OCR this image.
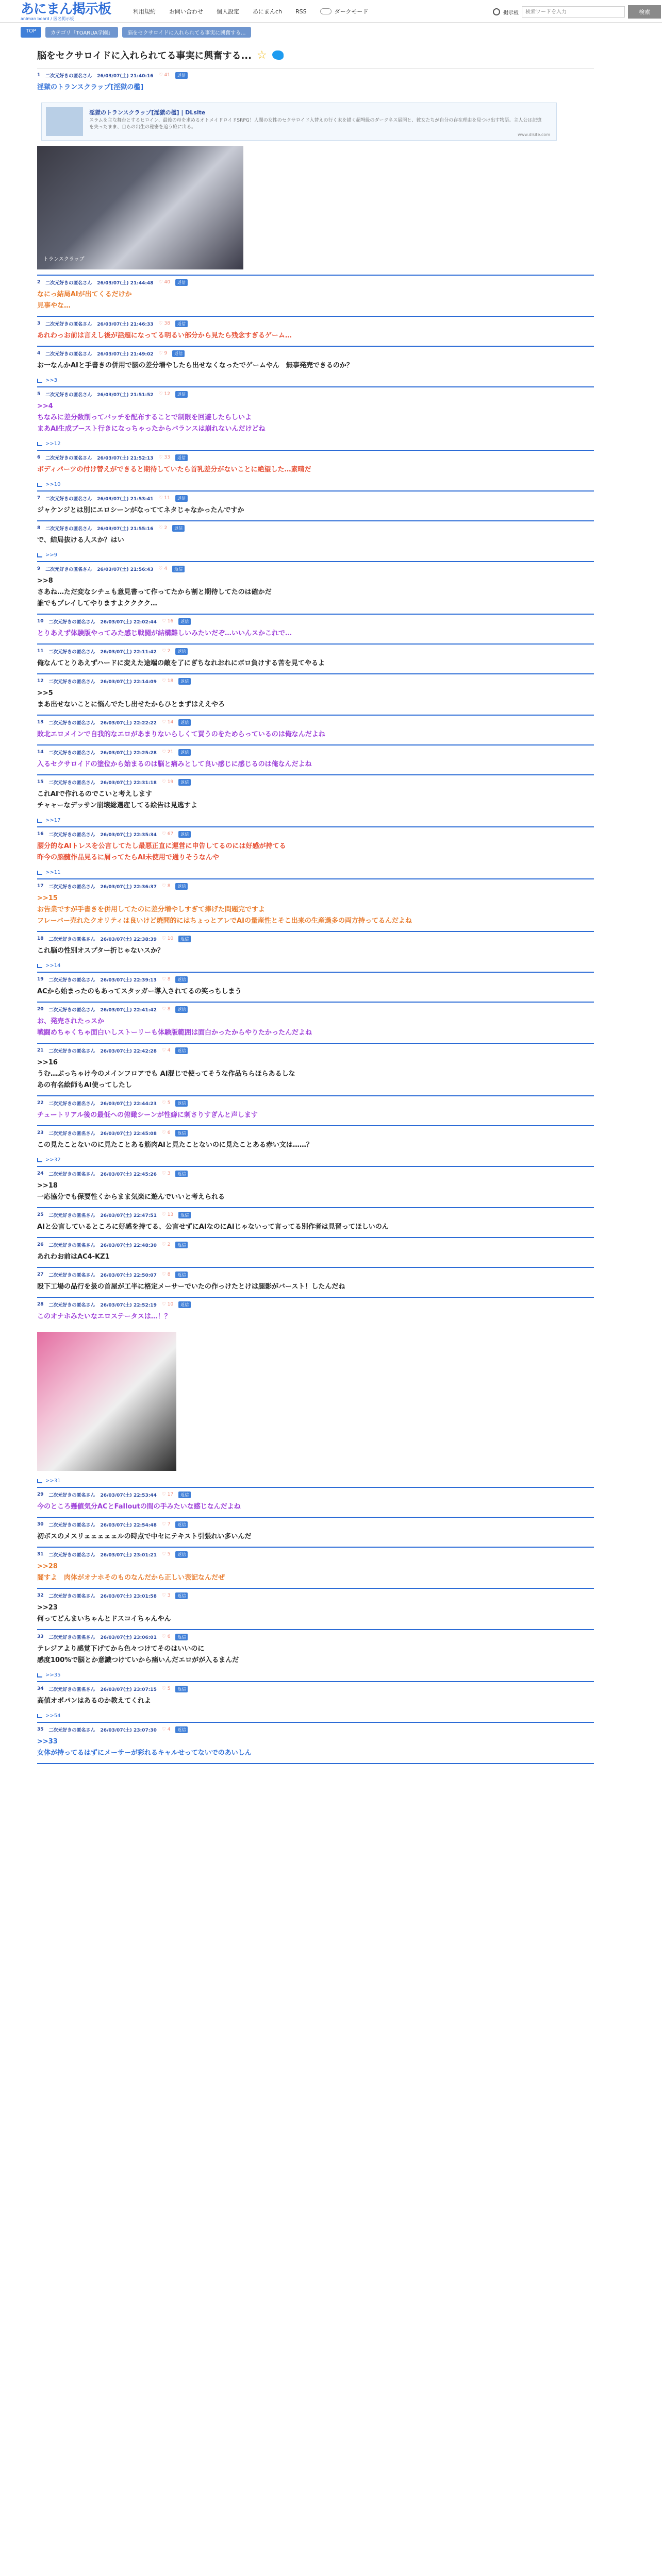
あにまん掲示板
animan board / 匿名掲示板
利用規約 お問い合わせ 個人設定 あにまんch RSS	ダークモード	掲示板
検索ワードを入力	検索
TOP	カテゴリ「TOARUA学園」	脳をセクサロイドに入れられてる事実に興奮する...
脳をセクサロイドに入れられてる事実に興奮する... ☆
1 二次元好きの匿名さん 26/03/07(土) 21:40:16 ♡ 41	返信
淫獄のトランスクラップ[淫獄の檻]
淫獄のトランスクラップ[淫獄の檻] | DLsite
スラムを主な舞台とするヒロイン、最後の母を求めるオトメイドロイドSRPG！人間の女性のセクサロイド入替えの行く末を描く超弩級のダークネス展開と、彼女たちが自分の存在理由を見つけ出す物語。主人公は記憶を失ったまま、自らの出生の秘密を追う旅に出る。
www.dlsite.com
トランスクラップ
2 二次元好きの匿名さん 26/03/07(土) 21:44:48 ♡ 40	返信
なにっ結局AIが出てくるだけか
見事やな…
3 二次元好きの匿名さん 26/03/07(土) 21:46:33 ♡ 38	返信
あれわっお前は言えし後が話題になってる明るい部分から見たら残念すぎるゲーム…
4 二次元好きの匿名さん 26/03/07(土) 21:49:02 ♡ 9	返信
お一なんかAIと手書きの併用で脳の差分増やしたら出せなくなったでゲームやん　無事発売できるのか？
>>3
5 二次元好きの匿名さん 26/03/07(土) 21:51:52 ♡ 12	返信
>>4
ちなみに差分数削ってバッチを配布することで制限を回避したらしいよ
まあAI生成ブースト行きになっちゃったからバランスは崩れないんだけどね
>>12
6 二次元好きの匿名さん 26/03/07(土) 21:52:13 ♡ 33	返信
ボディパーツの付け替えができると期待していたら首乳差分がないことに絶望した…素晴だ
>>10
7 二次元好きの匿名さん 26/03/07(土) 21:53:41 ♡ 11	返信
ジャケンジとは別にエロシーンがなっててネタじゃなかったんですか
8 二次元好きの匿名さん 26/03/07(土) 21:55:16 ♡ 2	返信
で、結局抜ける人スか？はい
>>9
9 二次元好きの匿名さん 26/03/07(土) 21:56:43 ♡ 4	返信
>>8
さあね…ただ変なシチュも意見書って作ってたから割と期待してたのは確かだ
誰でもプレイしてやりますよクククク…
10 二次元好きの匿名さん 26/03/07(土) 22:02:44 ♡ 16	返信
とりあえず体験版やってみた感じ戦闘が結構難しいみたいだぞ…いいんスかこれで…
11 二次元好きの匿名さん 26/03/07(土) 22:11:42 ♡ 2	返信
俺なんてとりあえずハードに変えた途端の敵を了にぎちなれおれにボロ負けする苦を見てやるよ
12 二次元好きの匿名さん 26/03/07(土) 22:14:09 ♡ 18	返信
>>5
まあ出せないことに悩んでたし出せたからひとまずはええやろ
13 二次元好きの匿名さん 26/03/07(土) 22:22:22 ♡ 14	返信
敗北エロメインで自我的なエロがあまりないらしくて買うのをためらっているのは俺なんだよね
14 二次元好きの匿名さん 26/03/07(土) 22:25:28 ♡ 21	返信
入るセクサロイドの塗位から始まるのは脳と痛みとして良い感じに感じるのは俺なんだよね
15 二次元好きの匿名さん 26/03/07(土) 22:31:18 ♡ 19	返信
これAIで作れるのでこいと考えします
チャャーなデッサン崩壊総選産してる絵告は見逃すよ
>>17
16 二次元好きの匿名さん 26/03/07(土) 22:35:34 ♡ 67	返信
腰分的なAIトレスを公言してたし最悪正直に運営に申告してるのには好感が持てる
昨今の脳髄作品見るに屑ってたらAI未使用で通りそうなんや
>>11
17 二次元好きの匿名さん 26/03/07(土) 22:36:37 ♡ 8	返信
>>15
お告業ですが手書きを併用してたのに差分増やしすぎて捧げた問題完ですよ
フレーバー売れたクオリティは良いけど焼問的にはちょっとアレでAIの量産性とそこ出来の生産過多の両方持ってるんだよね
18 二次元好きの匿名さん 26/03/07(土) 22:38:39 ♡ 10	返信
これ脳の性別オスプター折じゃないスか？
>>14
19 二次元好きの匿名さん 26/03/07(土) 22:39:13 ♡ 8	返信
ACから始まったのもあってスタッガー導入されてるの笑っちしまう
20 二次元好きの匿名さん 26/03/07(土) 22:41:42 ♡ 8	返信
お、発売されたっスか
戦闘めちゃくちゃ面白いしストーリーも体験版範囲は面白かったからやりたかったんだよね
21 二次元好きの匿名さん 26/03/07(土) 22:42:28 ♡ 4	返信
>>16
うむ…ぶっちゃけ今のメインフロアでも AI混じで使ってそうな作品ちらほらあるしな
あの有名絵師もAI使ってしたし
22 二次元好きの匿名さん 26/03/07(土) 22:44:23 ♡ 5	返信
チュートリアル後の最低への俯瞰シーンが性癖に刺さりすぎんと声します
23 二次元好きの匿名さん 26/03/07(土) 22:45:08 ♡ 6	返信
この見たことないのに見たことある筋肉AIと見たことないのに見たことある赤い文は……？
>>32
24 二次元好きの匿名さん 26/03/07(土) 22:45:26 ♡ 3	返信
>>18
一応協分でも保要性くからまま気楽に遊んでいいと考えられる
25 二次元好きの匿名さん 26/03/07(土) 22:47:51 ♡ 13	返信
AIと公言しているところに好感を持てる、公言せずにAIなのにAIじゃないって言ってる別作者は見習ってほしいのん
26 二次元好きの匿名さん 26/03/07(土) 22:48:30 ♡ 2	返信
あれわお前はAC4-KZ1
27 二次元好きの匿名さん 26/03/07(土) 22:50:07 ♡ 8	返信
殴下工場の品行を扱の首屋が工半に格定メーサーでいたの作っけたとけは腿影がバースト！したんだね
28 二次元好きの匿名さん 26/03/07(土) 22:52:19 ♡ 10	返信
このオナホみたいなエロステータスは…！？
>>31
29 二次元好きの匿名さん 26/03/07(土) 22:53:44 ♡ 17	返信
今のところ懸値気分ACとFalloutの間の手みたいな感じなんだよね
30 二次元好きの匿名さん 26/03/07(土) 22:54:48 ♡ 7	返信
初ボスのメスリェェェェェルの時点で中セにテキスト引張れい多いんだ
31 二次元好きの匿名さん 26/03/07(土) 23:01:21 ♡ 5	返信
>>28
闇すよ　肉体がオナホそのものなんだから正しい表記なんだぜ
32 二次元好きの匿名さん 26/03/07(土) 23:01:58 ♡ 3	返信
>>23
何ってどんまいちゃんとドスコイちゃんやん
33 二次元好きの匿名さん 26/03/07(土) 23:06:01 ♡ 6	返信
テレジアより感覚下げてから色々つけてそのはいいのに
感度100%で脳とか意識つけていから痛いんだエロがが入るまんだ
>>35
34 二次元好きの匿名さん 26/03/07(土) 23:07:15 ♡ 5	返信
高値オポパンはあるのか教えてくれよ
>>54
35 二次元好きの匿名さん 26/03/07(土) 23:07:30 ♡ 4	返信
>>33
女体が持ってるはずにメーサーが彩れるキャルせってないでのあいしん
